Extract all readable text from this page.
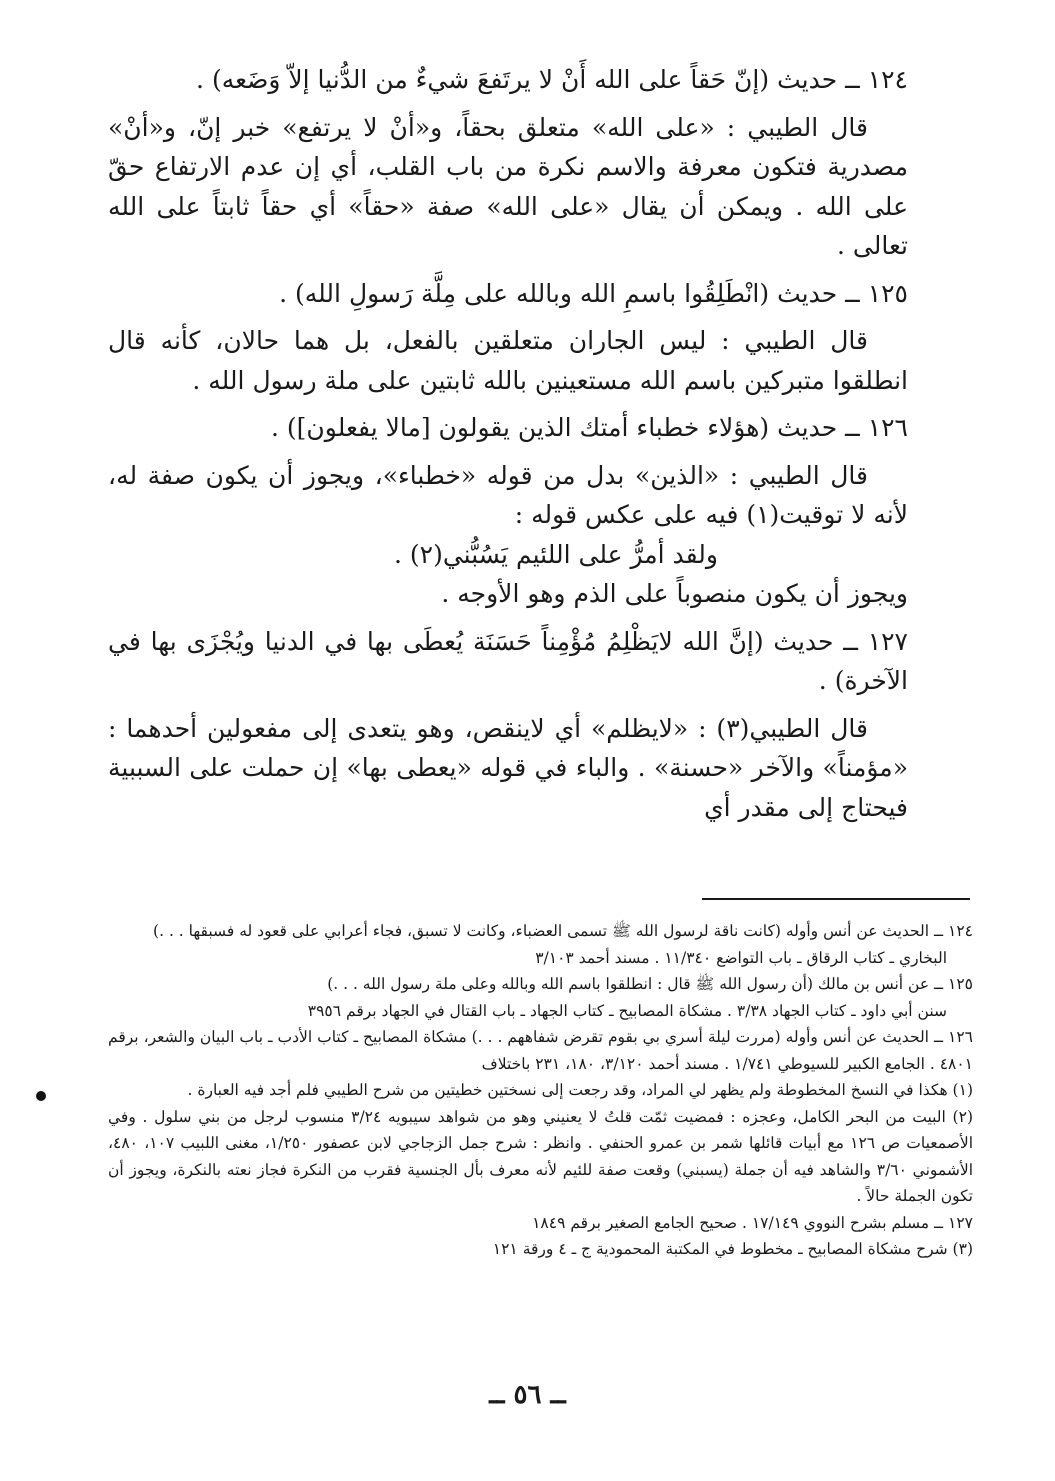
١٢٤ ــ حديث (إنّ حَقاً على الله أَنْ لا يرتَفعَ شيءٌ من الدُّنيا إلاّ وَضَعه) .

قال الطيبي : «على الله» متعلق بحقاً، و«أنْ لا يرتفع» خبر إنّ، و«أنْ» مصدرية فتكون معرفة والاسم نكرة من باب القلب، أي إن عدم الارتفاع حقّ على الله . ويمكن أن يقال «على الله» صفة «حقاً» أي حقاً ثابتاً على الله تعالى .

١٢٥ ــ حديث (انْطَلِقُوا باسمِ الله وبالله على مِلَّة رَسولِ الله) .

قال الطيبي : ليس الجاران متعلقين بالفعل، بل هما حالان، كأنه قال انطلقوا متبركين باسم الله مستعينين بالله ثابتين على ملة رسول الله .

١٢٦ ــ حديث (هؤلاء خطباء أمتك الذين يقولون [مالا يفعلون]) .

قال الطيبي : «الذين» بدل من قوله «خطباء»، ويجوز أن يكون صفة له، لأنه لا توقيت(١) فيه على عكس قوله :

ولقد أمرُّ على اللئيم يَسُبُّني(٢) .

ويجوز أن يكون منصوباً على الذم وهو الأوجه .

١٢٧ ــ حديث (إنَّ الله لايَظْلِمُ مُؤْمِناً حَسَنَة يُعطَى بها في الدنيا ويُجْزَى بها في الآخرة) .

قال الطيبي(٣) : «لايظلم» أي لاينقص، وهو يتعدى إلى مفعولين أحدهما : «مؤمناً» والآخر «حسنة» . والباء في قوله «يعطى بها» إن حملت على السببية فيحتاج إلى مقدر أي

١٢٤ ــ الحديث عن أنس وأوله (كانت ناقة لرسول الله ﷺ تسمى العضباء، وكانت لا تسبق، فجاء أعرابي على قعود له فسبقها . . .)

البخاري ـ كتاب الرقاق ـ باب التواضع ١١/٣٤٠ . مسند أحمد ٣/١٠٣

١٢٥ ــ عن أنس بن مالك (أن رسول الله ﷺ قال : انطلقوا باسم الله وبالله وعلى ملة رسول الله . . .)

سنن أبي داود ـ كتاب الجهاد ٣/٣٨ . مشكاة المصابيح ـ كتاب الجهاد ـ باب القتال في الجهاد برقم ٣٩٥٦

١٢٦ ــ الحديث عن أنس وأوله (مررت ليلة أسري بي بقوم تقرض شفاههم . . .) مشكاة المصابيح ـ كتاب الأدب ـ باب البيان والشعر، برقم ٤٨٠١ . الجامع الكبير للسيوطي ١/٧٤١ . مسند أحمد ٣/١٢٠، ١٨٠، ٢٣١ باختلاف

(١) هكذا في النسخ المخطوطة ولم يظهر لي المراد، وقد رجعت إلى نسختين خطيتين من شرح الطيبي فلم أجد فيه العبارة .

(٢) البيت من البحر الكامل، وعجزه : فمضيت ثمّت قلتُ لا يعنيني وهو من شواهد سيبويه ٣/٢٤ منسوب لرجل من بني سلول . وفي الأصمعيات ص ١٢٦ مع أبيات قائلها شمر بن عمرو الحنفي . وانظر : شرح جمل الزجاجي لابن عصفور ١/٢٥٠، مغنى اللبيب ١٠٧، ٤٨٠، الأشموني ٣/٦٠ والشاهد فيه أن جملة (يسبني) وقعت صفة للئيم لأنه معرف بأل الجنسية فقرب من النكرة فجاز نعته بالنكرة، ويجوز أن تكون الجملة حالاً .

١٢٧ ــ مسلم بشرح النووي ١٧/١٤٩ . صحيح الجامع الصغير برقم ١٨٤٩

(٣) شرح مشكاة المصابيح ـ مخطوط في المكتبة المحمودية ج ـ ٤ ورقة ١٢١

ــ ٥٦ ــ
